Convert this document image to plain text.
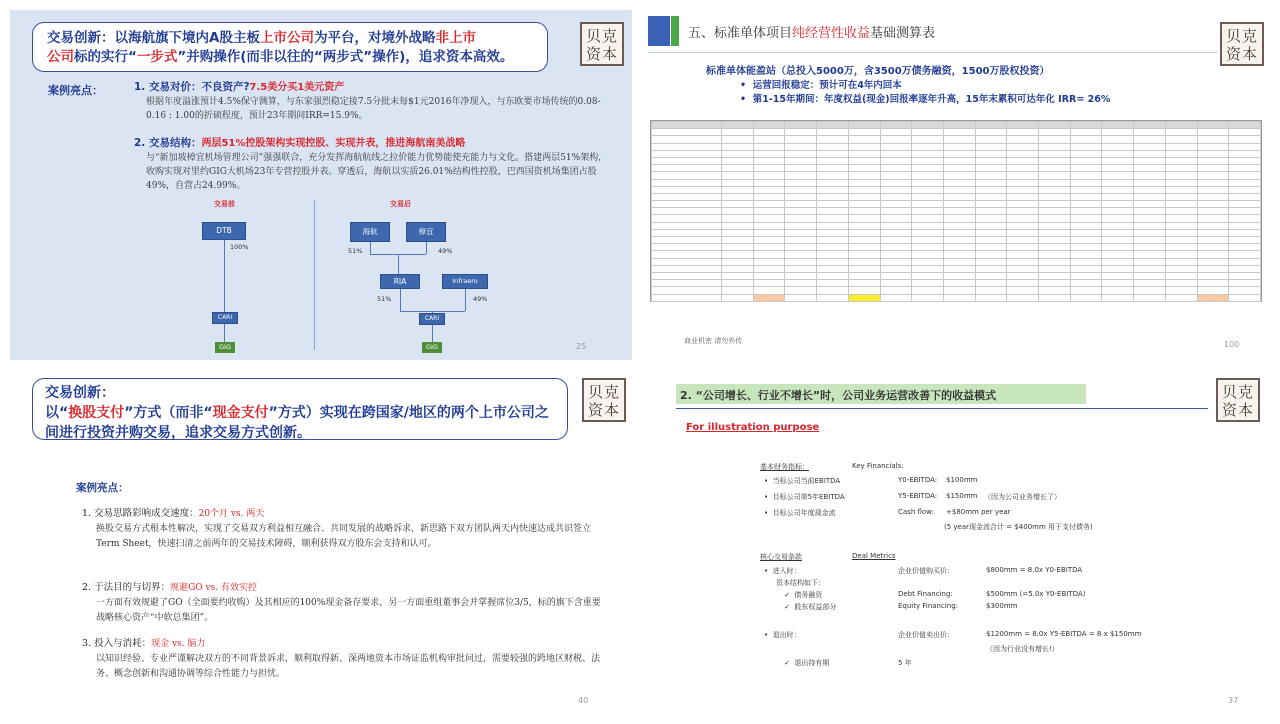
交易创新：以海航旗下境内A股主板上市公司为平台，对境外战略非上市
公司标的实行“一步式”并购操作(而非以往的“两步式”操作)，追求资本高效。
贝克
资本
案例亮点：	1. 交易对价：不良资产?7.5美分买1美元资产
根据年度溢涨预计4.5%保守测算，与东家强烈稳定接7.5分批末每$1元2016年净现入，与东欧要市场传统的0.08-0.16 : 1.00的折硕程度，预计23年期间IRR=15.9%。
2. 交易结构：两层51%控股架构实现控股、实现并表，推进海航南美战略
与“新加坡樟宜机场管理公司”强强联合，充分发挥海航航线之拉价能力优势能使充能力与文化。搭建两层51%架构，收购实现对里约GIG大机场23年专营控股并表。穿透后，海航以实质26.01%结构性控股，巴西国资机场集团占股49%，自营占24.99%。
交易前
DTB
100%
CARI
GIG
交易后
海航	樟宜
51%	49%
RIA	Infraero
51%	49%
CARI
GIG	25
五、标准单体项目纯经营性收益基础测算表	贝克
资本
标准单体能盈站（总投入5000万，含3500万债务融资，1500万股权投资）
•  运营回报稳定：预计可在4年内回本
•  第1-15年期间：年度权益(现金)回报率逐年升高，15年末累积可达年化 IRR= 26%

商业机密 请勿外传	100
交易创新：
以“换股支付”方式（而非“现金支付”方式）实现在跨国家/地区的两个上市公司之间进行投资并购交易，追求交易方式创新。
贝克
资本
案例亮点：
1. 交易思路彩响成交速度：20个月 vs. 两天
换股交易方式根本性解决，实现了交易双方利益相互融合、共同发展的战略诉求，新思路下双方团队两天内快速达成共识签立Term Sheet，快速扫清之前两年的交易技术障碍，顺利获得双方股东会支持和认可。
2. 于法目的与切界：规避GO vs. 有效实控
一方面有效规避了GO（全面要约收购）及其相应的100%现金备存要求，另一方面重组董事会并掌握席位3/5，标的旗下含重要战略核心资产“中软总集团”。
3. 投入与消耗：现金 vs. 脑力
以知识经验、专业严谨解决双方的不同背景诉求，顺利取得新、深两地资本市场证监机构审批问过，需要较强的跨地区财税、法务、概念创新和沟通协调等综合性能力与担忧。
40
2. “公司增长、行业不增长”时，公司业务运营改善下的收益模式	贝克
资本
For illustration purpose
基本财务指标：	Key Financials:
•  当标公司当前EBITDA	Y0-EBITDA: $100mm
•  目标公司第5年EBITDA	Y5-EBITDA: $150mm （因为公司业务增长了）
•  目标公司年度现金流	Cash flow: +$80mm per year
(5 year现金流合计 = $400mm 用于支付债务)
核心交易条款	Deal Metrics
•  进入时：	企业价值购买价：	$800mm = 8.0x Y0-EBITDA
资本结构如下：
✓  债务融资	Debt Financing:	$500mm (=5.0x Y0-EBITDA)
✓  股东权益部分	Equity Financing:	$300mm
•  退出时：	企业价值卖出价：	$1200mm = 8.0x Y5-EBITDA = 8 x $150mm
（因为行业没有增长!）
✓  退出持有期	5 年
37
